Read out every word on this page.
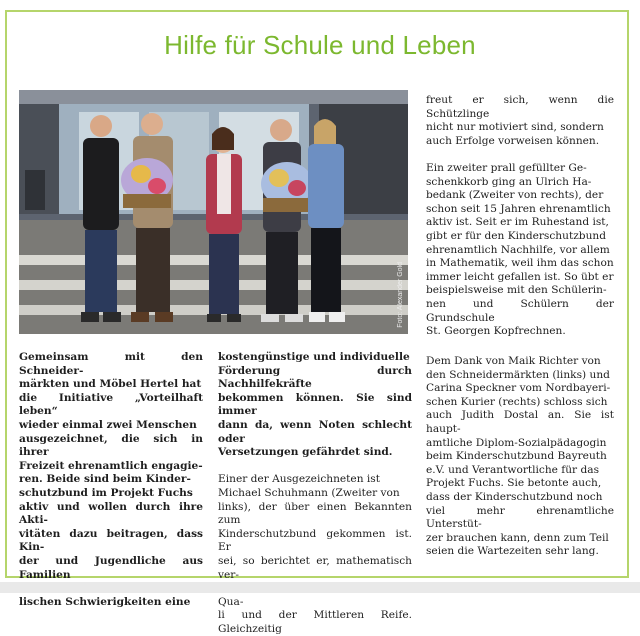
Hilfe für Schule und Leben
Foto: Alexander Gold
Gemeinsam mit den Schneider-
märkten und Möbel Hertel hat
die Initiative „Vorteilhaft leben“
wieder einmal zwei Menschen
ausgezeichnet, die sich in ihrer
Freizeit ehrenamtlich engagie-
ren. Beide sind beim Kinder-
schutzbund im Projekt Fuchs
aktiv und wollen durch ihre Akti-
vitäten dazu beitragen, dass Kin-
der und Jugendliche aus Familien
lischen Schwierigkeiten eine

kostengünstige und individuelle
Förderung durch Nachhilfekräfte
bekommen können. Sie sind immer
dann da, wenn Noten schlecht oder
Versetzungen gefährdet sind.

Einer der Ausgezeichneten ist
Michael Schuhmann (Zweiter von
links), der über einen Bekannten zum
Kinderschutzbund gekommen ist. Er
sei, so berichtet er, mathematisch ver-
Qua-
li und der Mittleren Reife. Gleichzeitig

freut er sich, wenn die Schützlinge
nicht nur motiviert sind, sondern
auch Erfolge vorweisen können.

Ein zweiter prall gefüllter Ge-
schenkkorb ging an Ulrich Ha-
bedank (Zweiter von rechts), der
schon seit 15 Jahren ehrenamtlich
aktiv ist. Seit er im Ruhestand ist,
gibt er für den Kinderschutzbund
ehrenamtlich Nachhilfe, vor allem
in Mathematik, weil ihm das schon
immer leicht gefallen ist. So übt er
beispielsweise mit den Schülerin-
nen und Schülern der Grundschule
St. Georgen Kopfrechnen.

Dem Dank von Maik Richter von
den Schneidermärkten (links) und
Carina Speckner vom Nordbayeri-
schen Kurier (rechts) schloss sich
auch Judith Dostal an. Sie ist haupt-
amtliche Diplom-Sozialpädagogin
beim Kinderschutzbund Bayreuth
e.V. und Verantwortliche für das
Projekt Fuchs. Sie betonte auch,
dass der Kinderschutzbund noch
viel mehr ehrenamtliche Unterstüt-
zer brauchen kann, denn zum Teil
seien die Wartezeiten sehr lang.
